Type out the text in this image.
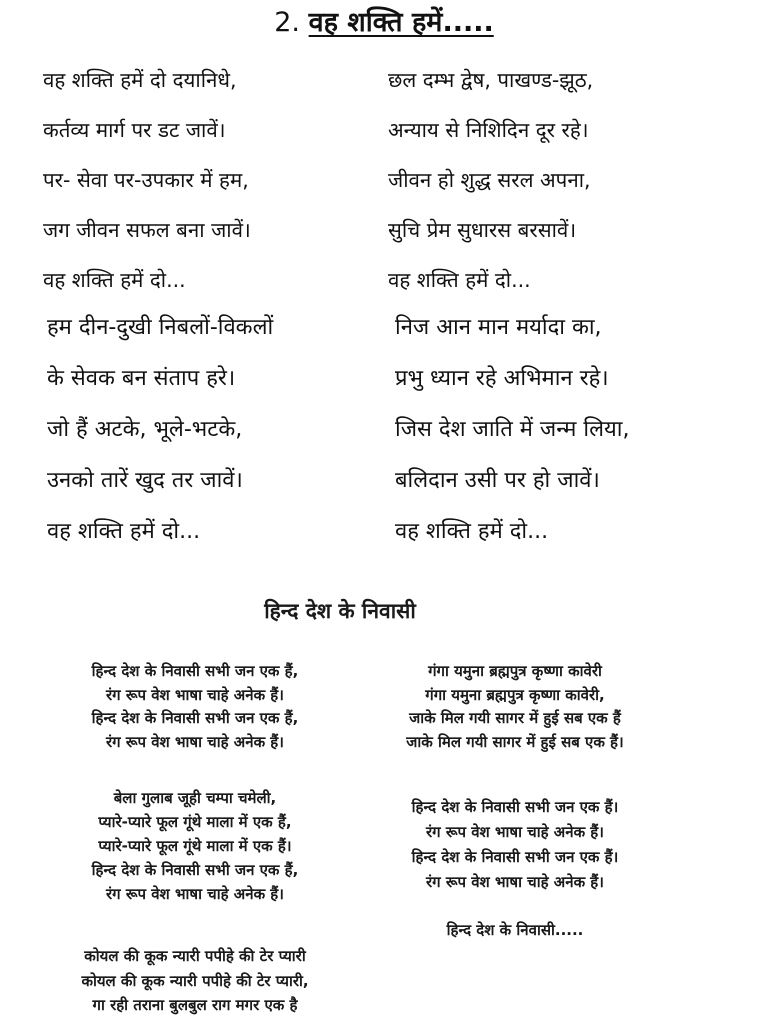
2. वह शक्ति हमें.....
वह शक्ति हमें दो दयानिधे,
कर्तव्य मार्ग पर डट जावें।
पर- सेवा पर-उपकार में हम,
जग जीवन सफल बना जावें।
वह शक्ति हमें दो...
छल दम्भ द्वेष, पाखण्ड-झूठ,
अन्याय से निशिदिन दूर रहे।
जीवन हो शुद्ध सरल अपना,
सुचि प्रेम सुधारस बरसावें।
वह शक्ति हमें दो...
हम दीन-दुखी निबलों-विकलों
के सेवक बन संताप हरे।
जो हैं अटके, भूले-भटके,
उनको तारें खुद तर जावें।
वह शक्ति हमें दो...
निज आन मान मर्यादा का,
प्रभु ध्यान रहे अभिमान रहे।
जिस देश जाति में जन्म लिया,
बलिदान उसी पर हो जावें।
वह शक्ति हमें दो...
हिन्द देश के निवासी
हिन्द देश के निवासी सभी जन एक हैं,
रंग रूप वेश भाषा चाहे अनेक हैं।
हिन्द देश के निवासी सभी जन एक हैं,
रंग रूप वेश भाषा चाहे अनेक हैं।
बेला गुलाब जूही चम्पा चमेली,
प्यारे-प्यारे फूल गूंथे माला में एक हैं,
प्यारे-प्यारे फूल गूंथे माला में एक हैं।
हिन्द देश के निवासी सभी जन एक हैं,
रंग रूप वेश भाषा चाहे अनेक हैं।
कोयल की कूक न्यारी पपीहे की टेर प्यारी
कोयल की कूक न्यारी पपीहे की टेर प्यारी,
गा रही तराना बुलबुल राग मगर एक है
गंगा यमुना ब्रह्मपुत्र कृष्णा कावेरी
गंगा यमुना ब्रह्मपुत्र कृष्णा कावेरी,
जाके मिल गयी सागर में हुई सब एक हैं
जाके मिल गयी सागर में हुई सब एक हैं।
हिन्द देश के निवासी सभी जन एक हैं।
रंग रूप वेश भाषा चाहे अनेक हैं।
हिन्द देश के निवासी सभी जन एक हैं।
रंग रूप वेश भाषा चाहे अनेक हैं।
हिन्द देश के निवासी.....
